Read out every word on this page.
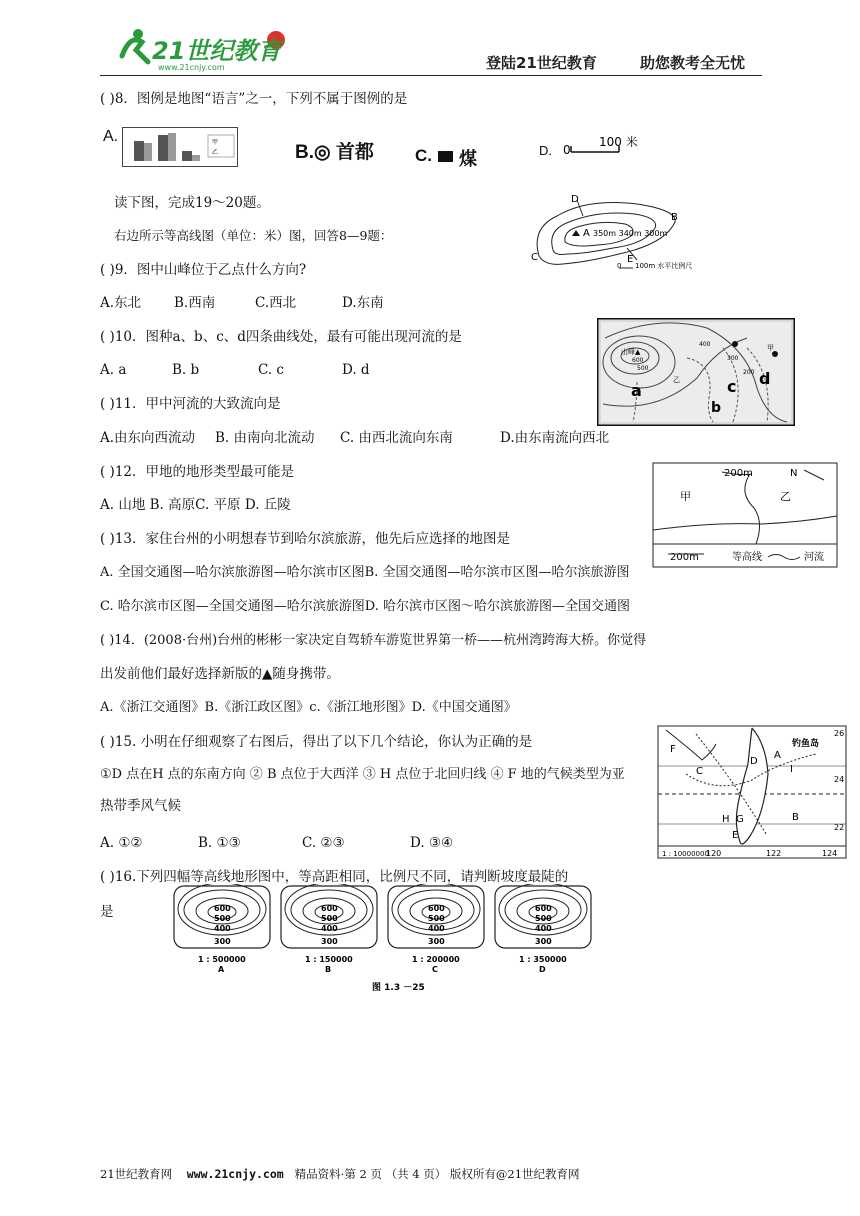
21世纪教育
www.21cnjy.com	登陆21世纪教育	助您教考全无忧
( )8．图例是地图“语言”之一，下列不属于图例的是
A.	甲
乙	B.◎ 首都 C. 煤	D. 0
100 米
读下图，完成19～20题。
右边所示等高线图（单位：米）图，回答8—9题：
D
B
A
C	E
350m 340m 300m
0 100m 水平比例尺
( )9．图中山峰位于乙点什么方向?
A.东北 B.西南	C.西北	D.东南
( )10．图种a、b、c、d四条曲线处，最有可能出现河流的是
A. a	B. b	C. c	D. d
山峰▲
600
500
400
300
200
a
b
c d
乙
甲
( )11．甲中河流的大致流向是
A.由东向西流动 B. 由南向北流动 C. 由西北流向东南	D.由东南流向西北
200m	N
甲	乙
200m	等高线	河流
( )12．甲地的地形类型最可能是
A. 山地 B. 高原C. 平原 D. 丘陵
( )13．家住台州的小明想春节到哈尔滨旅游，他先后应选择的地图是
A. 全国交通图—哈尔滨旅游图—哈尔滨市区图B. 全国交通图—哈尔滨市区图—哈尔滨旅游图
C. 哈尔滨市区图—全国交通图—哈尔滨旅游图D. 哈尔滨市区图～哈尔滨旅游图—全国交通图
( )14．(2008·台州)台州的彬彬一家决定自驾轿车游览世界第一桥——杭州湾跨海大桥。你觉得
出发前他们最好选择新版的▲随身携带。
A.《浙江交通图》B.《浙江政区图》c.《浙江地形图》D.《中国交通图》
( )15. 小明在仔细观察了右图后，得出了以下几个结论，你认为正确的是
①D 点在H 点的东南方向 ② B 点位于大西洋 ③ H 点位于北回归线 ④ F 地的气候类型为亚
热带季风气候
A. ①②	B. ①③	C. ②③	D. ③④
钓鱼岛
F
C
D
A
H G
E
B
I
26
24
22
120	122	124
1 : 10000000
( )16.下列四幅等高线地形图中，等高距相同，比例尺不同，请判断坡度最陡的
是	600
500
400
300
1 : 500000
A
600
500
400
300
1 : 150000
B
600
500
400
300
1 : 200000
C
600
500
400
300
1 : 350000
D
图 1.3 －25
21世纪教育网 www.21cnjy.com 精品资料·第 2 页 （共 4 页） 版权所有@21世纪教育网
